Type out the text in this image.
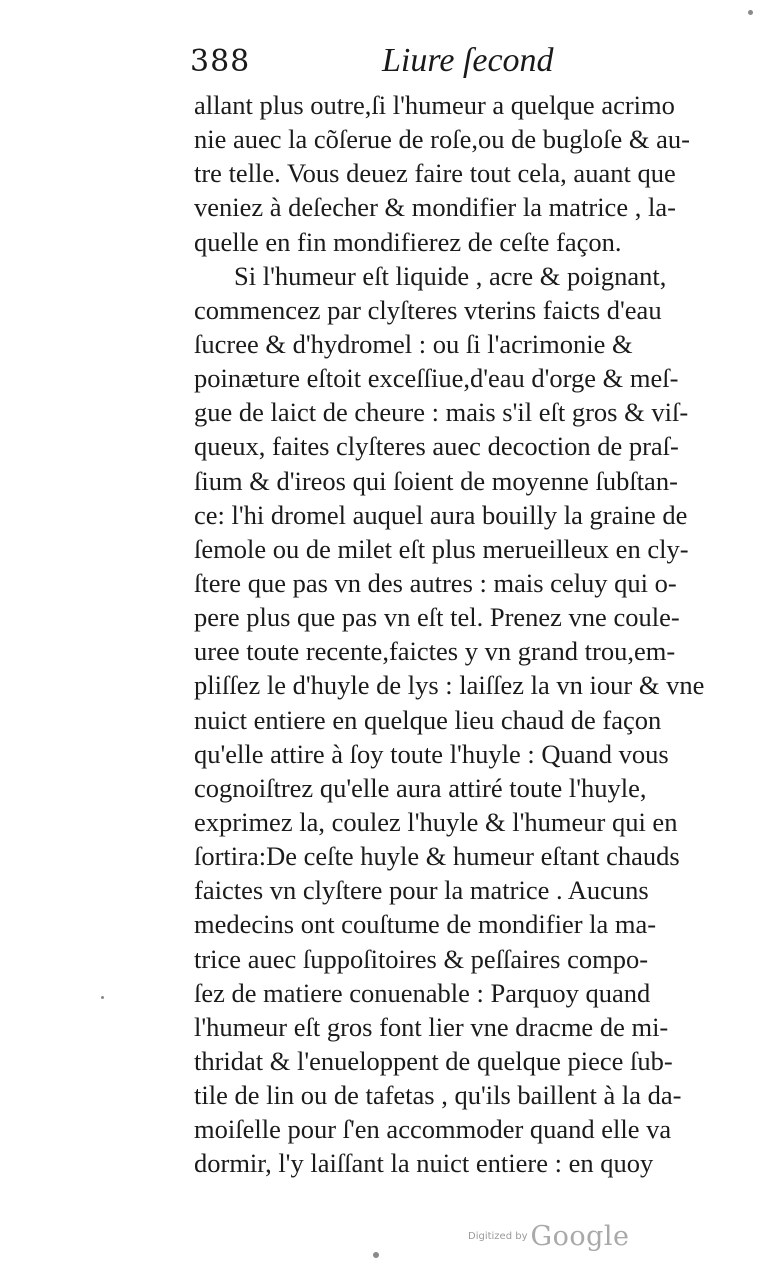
388	Liure ſecond
allant plus outre,ſi l'humeur a quelque acrimo
nie auec la cõſerue de roſe,ou de bugloſe & au-
tre telle. Vous deuez faire tout cela, auant que
veniez à deſecher & mondifier la matrice , la-
quelle en fin mondifierez de ceſte façon.
Si l'humeur eſt liquide , acre & poignant,
commencez par clyſteres vterins faicts d'eau
ſucree & d'hydromel : ou ſi l'acrimonie &
poinӕture eſtoit exceſſiue,d'eau d'orge & meſ-
gue de laict de cheure : mais s'il eſt gros & viſ-
queux, faites clyſteres auec decoction de praſ-
ſium & d'ireos qui ſoient de moyenne ſubſtan-
ce: l'hi dromel auquel aura bouilly la graine de
ſemole ou de milet eſt plus merueilleux en cly-
ſtere que pas vn des autres : mais celuy qui o-
pere plus que pas vn eſt tel. Prenez vne coule-
uree toute recente,faictes y vn grand trou,em-
pliſſez le d'huyle de lys : laiſſez la vn iour & vne
nuict entiere en quelque lieu chaud de façon
qu'elle attire à ſoy toute l'huyle : Quand vous
cognoiſtrez qu'elle aura attiré toute l'huyle,
exprimez la, coulez l'huyle & l'humeur qui en
ſortira:De ceſte huyle & humeur eſtant chauds
faictes vn clyſtere pour la matrice . Aucuns
medecins ont couſtume de mondifier la ma-
trice auec ſuppoſitoires & peſſaires compo-
ſez de matiere conuenable : Parquoy quand
l'humeur eſt gros font lier vne dracme de mi-
thridat & l'enueloppent de quelque piece ſub-
tile de lin ou de tafetas , qu'ils baillent à la da-
moiſelle pour ſ'en accommoder quand elle va
dormir, l'y laiſſant la nuict entiere : en quoy
Digitized by Google
